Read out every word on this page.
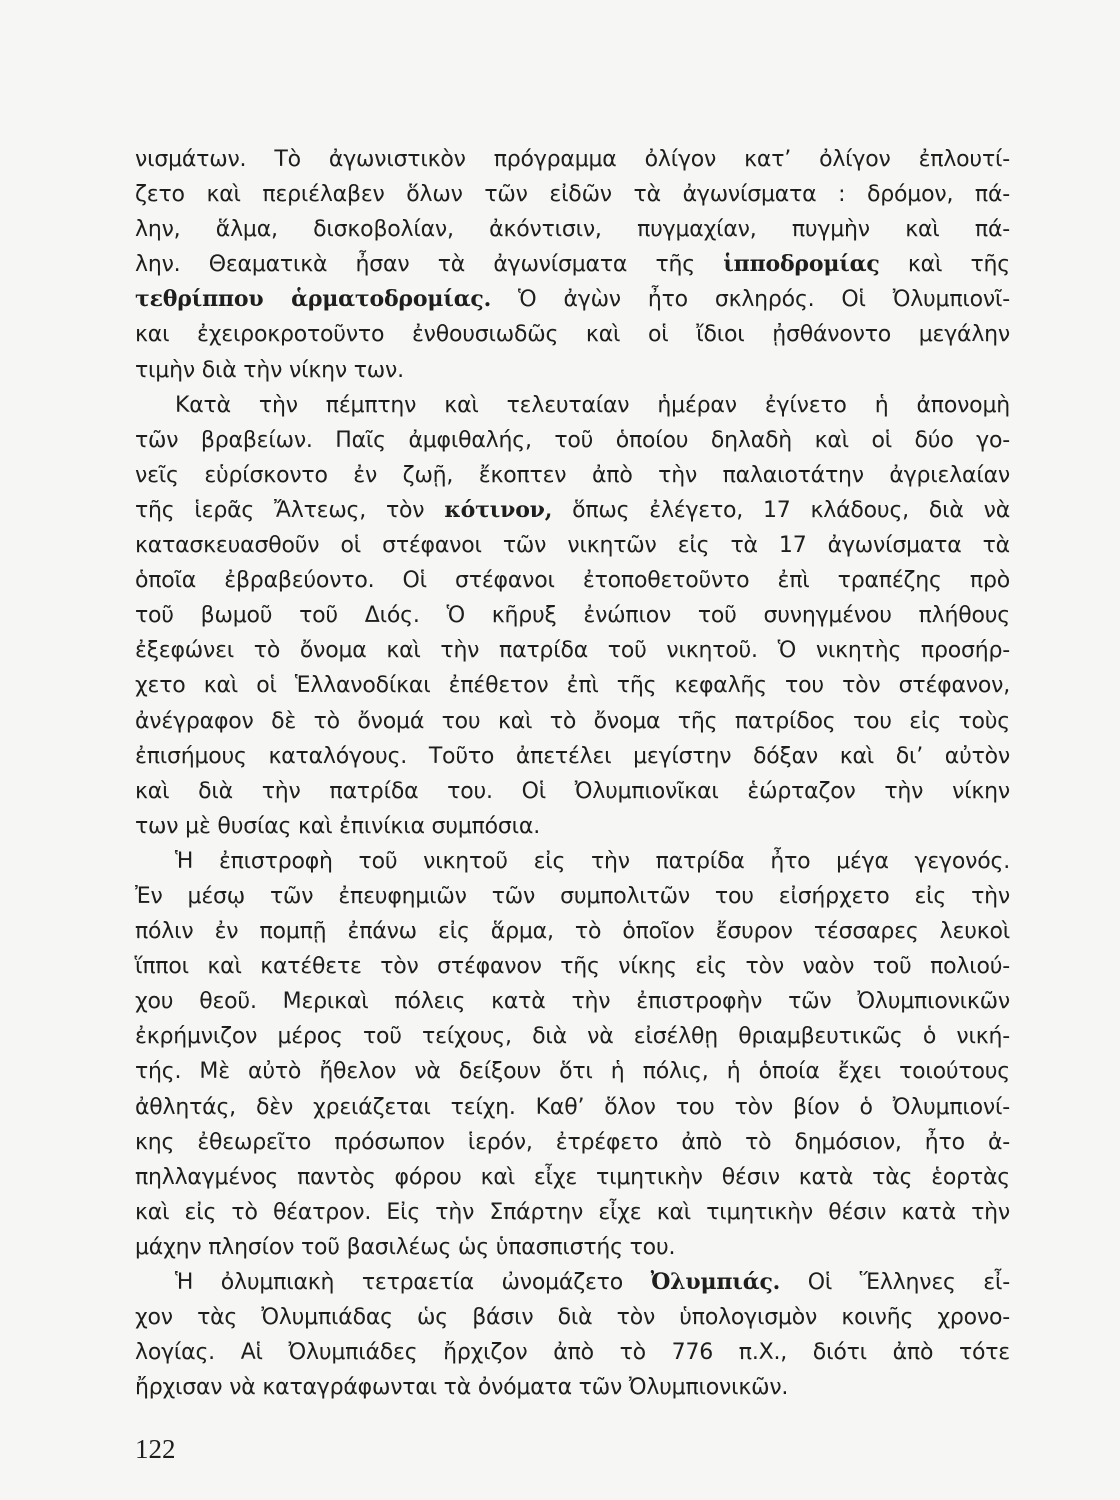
νισμάτων. Τὸ ἀγωνιστικὸν πρόγραμμα ὀλίγον κατ’ ὀλίγον ἐπλουτί-
ζετο καὶ περιέλαβεν ὅλων τῶν εἰδῶν τὰ ἀγωνίσματα : δρόμον, πά-
λην, ἅλμα, δισκοβολίαν, ἀκόντισιν, πυγμαχίαν, πυγμὴν καὶ πά-
λην. Θεαματικὰ ἦσαν τὰ ἀγωνίσματα τῆς ἱπποδρομίας καὶ τῆς
τεθρίππου ἁρματοδρομίας. Ὁ ἀγὼν ἦτο σκληρός. Οἱ Ὀλυμπιονῖ-
και ἐχειροκροτοῦντο ἐνθουσιωδῶς καὶ οἱ ἴδιοι ᾐσθάνοντο μεγάλην
τιμὴν διὰ τὴν νίκην των.
Κατὰ τὴν πέμπτην καὶ τελευταίαν ἡμέραν ἐγίνετο ἡ ἀπονομὴ
τῶν βραβείων. Παῖς ἀμφιθαλής, τοῦ ὁποίου δηλαδὴ καὶ οἱ δύο γο-
νεῖς εὑρίσκοντο ἐν ζωῇ, ἔκοπτεν ἀπὸ τὴν παλαιοτάτην ἀγριελαίαν
τῆς ἱερᾶς Ἄλτεως, τὸν κότινον, ὅπως ἐλέγετο, 17 κλάδους, διὰ νὰ
κατασκευασθοῦν οἱ στέφανοι τῶν νικητῶν εἰς τὰ 17 ἀγωνίσματα τὰ
ὁποῖα ἐβραβεύοντο. Οἱ στέφανοι ἐτοποθετοῦντο ἐπὶ τραπέζης πρὸ
τοῦ βωμοῦ τοῦ Διός. Ὁ κῆρυξ ἐνώπιον τοῦ συνηγμένου πλήθους
ἐξεφώνει τὸ ὄνομα καὶ τὴν πατρίδα τοῦ νικητοῦ. Ὁ νικητὴς προσήρ-
χετο καὶ οἱ Ἑλλανοδίκαι ἐπέθετον ἐπὶ τῆς κεφαλῆς του τὸν στέφανον,
ἀνέγραφον δὲ τὸ ὄνομά του καὶ τὸ ὄνομα τῆς πατρίδος του εἰς τοὺς
ἐπισήμους καταλόγους. Τοῦτο ἀπετέλει μεγίστην δόξαν καὶ δι’ αὐτὸν
καὶ διὰ τὴν πατρίδα του. Οἱ Ὀλυμπιονῖκαι ἑώρταζον τὴν νίκην
των μὲ θυσίας καὶ ἐπινίκια συμπόσια.
Ἡ ἐπιστροφὴ τοῦ νικητοῦ εἰς τὴν πατρίδα ἦτο μέγα γεγονός.
Ἐν μέσῳ τῶν ἐπευφημιῶν τῶν συμπολιτῶν του εἰσήρχετο εἰς τὴν
πόλιν ἐν πομπῇ ἐπάνω εἰς ἅρμα, τὸ ὁποῖον ἔσυρον τέσσαρες λευκοὶ
ἵπποι καὶ κατέθετε τὸν στέφανον τῆς νίκης εἰς τὸν ναὸν τοῦ πολιού-
χου θεοῦ. Μερικαὶ πόλεις κατὰ τὴν ἐπιστροφὴν τῶν Ὀλυμπιονικῶν
ἐκρήμνιζον μέρος τοῦ τείχους, διὰ νὰ εἰσέλθῃ θριαμβευτικῶς ὁ νική-
τής. Μὲ αὐτὸ ἤθελον νὰ δείξουν ὅτι ἡ πόλις, ἡ ὁποία ἔχει τοιούτους
ἀθλητάς, δὲν χρειάζεται τείχη. Καθ’ ὅλον του τὸν βίον ὁ Ὀλυμπιονί-
κης ἐθεωρεῖτο πρόσωπον ἱερόν, ἐτρέφετο ἀπὸ τὸ δημόσιον, ἦτο ἀ-
πηλλαγμένος παντὸς φόρου καὶ εἶχε τιμητικὴν θέσιν κατὰ τὰς ἑορτὰς
καὶ εἰς τὸ θέατρον. Εἰς τὴν Σπάρτην εἶχε καὶ τιμητικὴν θέσιν κατὰ τὴν
μάχην πλησίον τοῦ βασιλέως ὡς ὑπασπιστής του.
Ἡ ὀλυμπιακὴ τετραετία ὠνομάζετο Ὀλυμπιάς. Οἱ Ἕλληνες εἶ-
χον τὰς Ὀλυμπιάδας ὡς βάσιν διὰ τὸν ὑπολογισμὸν κοινῆς χρονο-
λογίας. Αἱ Ὀλυμπιάδες ἤρχιζον ἀπὸ τὸ 776 π.Χ., διότι ἀπὸ τότε
ἤρχισαν νὰ καταγράφωνται τὰ ὀνόματα τῶν Ὀλυμπιονικῶν.
122
